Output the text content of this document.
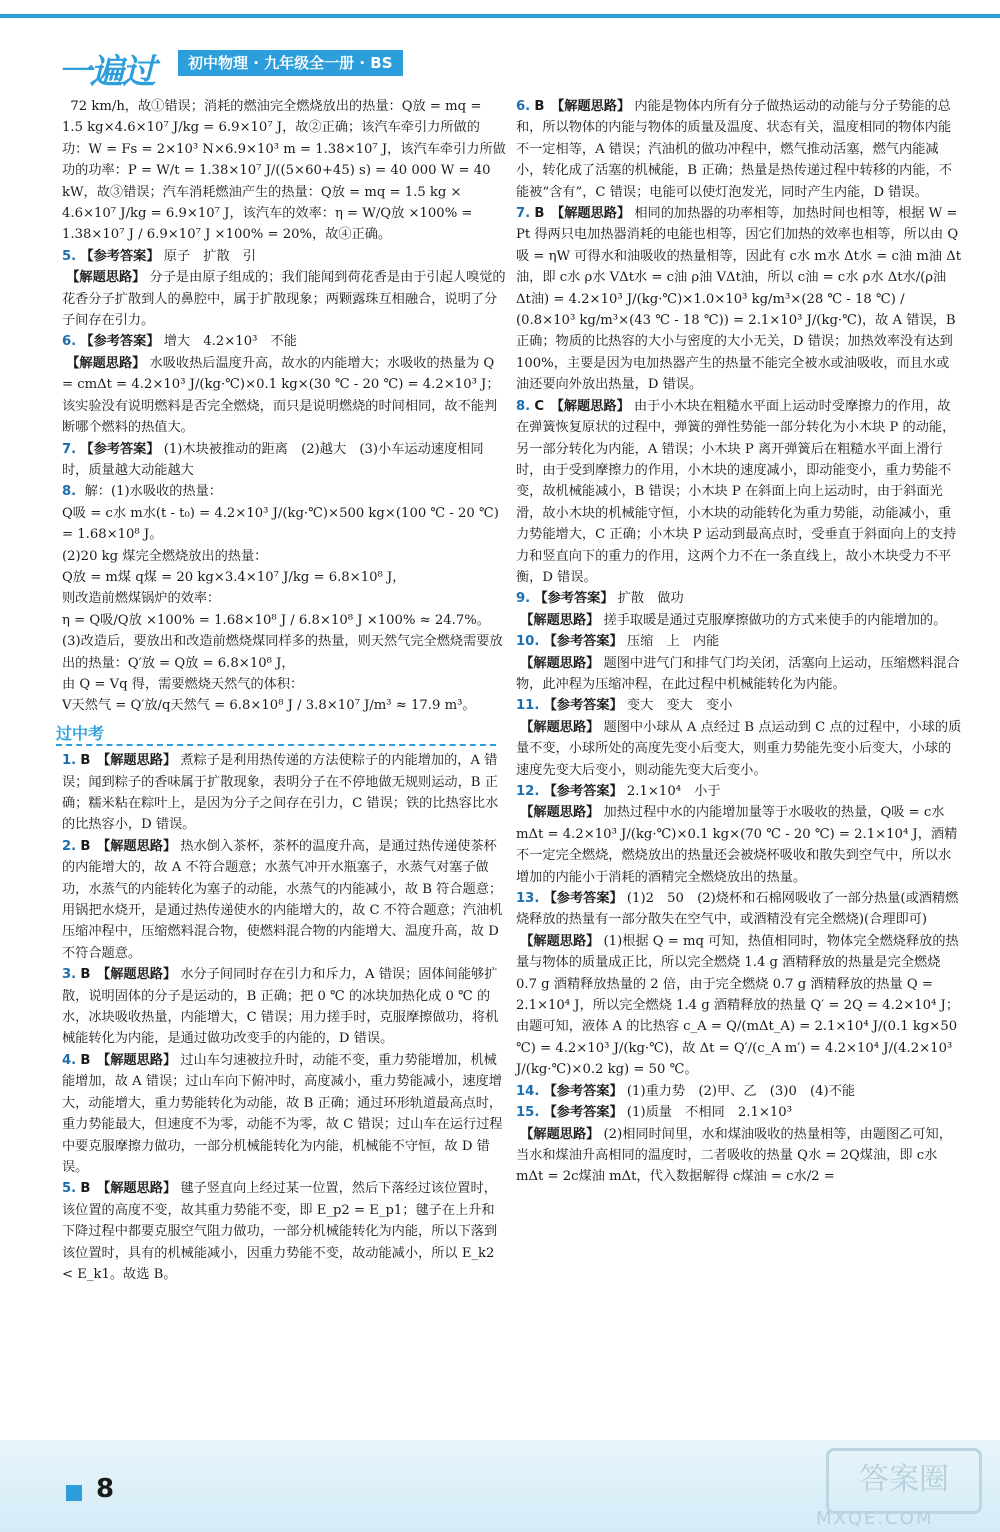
一遍过	初中物理 · 九年级全一册 · BS

72 km/h，故①错误；消耗的燃油完全燃烧放出的热量：Q放 = mq = 1.5 kg×4.6×10⁷ J/kg = 6.9×10⁷ J，故②正确；该汽车牵引力所做的功：W = Fs = 2×10³ N×6.9×10³ m = 1.38×10⁷ J，该汽车牵引力所做功的功率：P = W/t = 1.38×10⁷ J/((5×60+45) s) = 40 000 W = 40 kW，故③错误；汽车消耗燃油产生的热量：Q放 = mq = 1.5 kg × 4.6×10⁷ J/kg = 6.9×10⁷ J，该汽车的效率：η = W/Q放 ×100% = 1.38×10⁷ J / 6.9×10⁷ J ×100% = 20%，故④正确。

5. 【参考答案】 原子　扩散　引

【解题思路】 分子是由原子组成的；我们能闻到荷花香是由于引起人嗅觉的花香分子扩散到人的鼻腔中，属于扩散现象；两颗露珠互相融合，说明了分子间存在引力。

6. 【参考答案】 增大　4.2×10³　不能

【解题思路】 水吸收热后温度升高，故水的内能增大；水吸收的热量为 Q = cmΔt = 4.2×10³ J/(kg·℃)×0.1 kg×(30 ℃ - 20 ℃) = 4.2×10³ J；该实验没有说明燃料是否完全燃烧，而只是说明燃烧的时间相同，故不能判断哪个燃料的热值大。

7. 【参考答案】 (1)木块被推动的距离　(2)越大　(3)小车运动速度相同时，质量越大动能越大

8. 解：(1)水吸收的热量：
Q吸 = c水 m水(t - t₀) = 4.2×10³ J/(kg·℃)×500 kg×(100 ℃ - 20 ℃) = 1.68×10⁸ J。
(2)20 kg 煤完全燃烧放出的热量：
Q放 = m煤 q煤 = 20 kg×3.4×10⁷ J/kg = 6.8×10⁸ J，
则改造前燃煤锅炉的效率：
η = Q吸/Q放 ×100% = 1.68×10⁸ J / 6.8×10⁸ J ×100% ≈ 24.7%。
(3)改造后，要放出和改造前燃烧煤同样多的热量，则天然气完全燃烧需要放出的热量：Q′放 = Q放 = 6.8×10⁸ J，
由 Q = Vq 得，需要燃烧天然气的体积：
V天然气 = Q′放/q天然气 = 6.8×10⁸ J / 3.8×10⁷ J/m³ ≈ 17.9 m³。

过中考

1. B　【解题思路】 煮粽子是利用热传递的方法使粽子的内能增加的，A 错误；闻到粽子的香味属于扩散现象，表明分子在不停地做无规则运动，B 正确；糯米粘在粽叶上，是因为分子之间存在引力，C 错误；铁的比热容比水的比热容小，D 错误。

2. B　【解题思路】 热水倒入茶杯，茶杯的温度升高，是通过热传递使茶杯的内能增大的，故 A 不符合题意；水蒸气冲开水瓶塞子，水蒸气对塞子做功，水蒸气的内能转化为塞子的动能，水蒸气的内能减小，故 B 符合题意；用锅把水烧开，是通过热传递使水的内能增大的，故 C 不符合题意；汽油机压缩冲程中，压缩燃料混合物，使燃料混合物的内能增大、温度升高，故 D 不符合题意。

3. B　【解题思路】 水分子间同时存在引力和斥力，A 错误；固体间能够扩散，说明固体的分子是运动的，B 正确；把 0 ℃ 的冰块加热化成 0 ℃ 的水，冰块吸收热量，内能增大，C 错误；用力搓手时，克服摩擦做功，将机械能转化为内能，是通过做功改变手的内能的，D 错误。

4. B　【解题思路】 过山车匀速被拉升时，动能不变，重力势能增加，机械能增加，故 A 错误；过山车向下俯冲时，高度减小，重力势能减小，速度增大，动能增大，重力势能转化为动能，故 B 正确；通过环形轨道最高点时，重力势能最大，但速度不为零，动能不为零，故 C 错误；过山车在运行过程中要克服摩擦力做功，一部分机械能转化为内能，机械能不守恒，故 D 错误。

5. B　【解题思路】 毽子竖直向上经过某一位置，然后下落经过该位置时，该位置的高度不变，故其重力势能不变，即 E_p2 = E_p1；毽子在上升和下降过程中都要克服空气阻力做功，一部分机械能转化为内能，所以下落到该位置时，具有的机械能减小，因重力势能不变，故动能减小，所以 E_k2 < E_k1。故选 B。

6. B　【解题思路】 内能是物体内所有分子做热运动的动能与分子势能的总和，所以物体的内能与物体的质量及温度、状态有关，温度相同的物体内能不一定相等，A 错误；汽油机的做功冲程中，燃气推动活塞，燃气内能减小，转化成了活塞的机械能，B 正确；热量是热传递过程中转移的内能，不能被“含有”，C 错误；电能可以使灯泡发光，同时产生内能，D 错误。

7. B　【解题思路】 相同的加热器的功率相等，加热时间也相等，根据 W = Pt 得两只电加热器消耗的电能也相等，因它们加热的效率也相等，所以由 Q吸 = ηW 可得水和油吸收的热量相等，因此有 c水 m水 Δt水 = c油 m油 Δt油，即 c水 ρ水 VΔt水 = c油 ρ油 VΔt油，所以 c油 = c水 ρ水 Δt水/(ρ油 Δt油) = 4.2×10³ J/(kg·℃)×1.0×10³ kg/m³×(28 ℃ - 18 ℃) / (0.8×10³ kg/m³×(43 ℃ - 18 ℃)) = 2.1×10³ J/(kg·℃)，故 A 错误，B 正确；物质的比热容的大小与密度的大小无关，D 错误；加热效率没有达到 100%，主要是因为电加热器产生的热量不能完全被水或油吸收，而且水或油还要向外放出热量，D 错误。

8. C　【解题思路】 由于小木块在粗糙水平面上运动时受摩擦力的作用，故在弹簧恢复原状的过程中，弹簧的弹性势能一部分转化为小木块 P 的动能，另一部分转化为内能，A 错误；小木块 P 离开弹簧后在粗糙水平面上滑行时，由于受到摩擦力的作用，小木块的速度减小，即动能变小，重力势能不变，故机械能减小，B 错误；小木块 P 在斜面上向上运动时，由于斜面光滑，故小木块的机械能守恒，小木块的动能转化为重力势能，动能减小，重力势能增大，C 正确；小木块 P 运动到最高点时，受垂直于斜面向上的支持力和竖直向下的重力的作用，这两个力不在一条直线上，故小木块受力不平衡，D 错误。

9. 【参考答案】 扩散　做功

【解题思路】 搓手取暖是通过克服摩擦做功的方式来使手的内能增加的。

10. 【参考答案】 压缩　上　内能

【解题思路】 题图中进气门和排气门均关闭，活塞向上运动，压缩燃料混合物，此冲程为压缩冲程，在此过程中机械能转化为内能。

11. 【参考答案】 变大　变大　变小

【解题思路】 题图中小球从 A 点经过 B 点运动到 C 点的过程中，小球的质量不变，小球所处的高度先变小后变大，则重力势能先变小后变大，小球的速度先变大后变小，则动能先变大后变小。

12. 【参考答案】 2.1×10⁴　小于

【解题思路】 加热过程中水的内能增加量等于水吸收的热量，Q吸 = c水 mΔt = 4.2×10³ J/(kg·℃)×0.1 kg×(70 ℃ - 20 ℃) = 2.1×10⁴ J，酒精不一定完全燃烧，燃烧放出的热量还会被烧杯吸收和散失到空气中，所以水增加的内能小于消耗的酒精完全燃烧放出的热量。

13. 【参考答案】 (1)2　50　(2)烧杯和石棉网吸收了一部分热量(或酒精燃烧释放的热量有一部分散失在空气中，或酒精没有完全燃烧)(合理即可)

【解题思路】 (1)根据 Q = mq 可知，热值相同时，物体完全燃烧释放的热量与物体的质量成正比，所以完全燃烧 1.4 g 酒精释放的热量是完全燃烧 0.7 g 酒精释放热量的 2 倍，由于完全燃烧 0.7 g 酒精释放的热量 Q = 2.1×10⁴ J，所以完全燃烧 1.4 g 酒精释放的热量 Q′ = 2Q = 4.2×10⁴ J；由题可知，液体 A 的比热容 c_A = Q/(mΔt_A) = 2.1×10⁴ J/(0.1 kg×50 ℃) = 4.2×10³ J/(kg·℃)，故 Δt = Q′/(c_A m′) = 4.2×10⁴ J/(4.2×10³ J/(kg·℃)×0.2 kg) = 50 ℃。

14. 【参考答案】 (1)重力势　(2)甲、乙　(3)0　(4)不能

15. 【参考答案】 (1)质量　不相同　2.1×10³

【解题思路】 (2)相同时间里，水和煤油吸收的热量相等，由题图乙可知，当水和煤油升高相同的温度时，二者吸收的热量 Q水 = 2Q煤油，即 c水 mΔt = 2c煤油 mΔt，代入数据解得 c煤油 = c水/2 =

8	答案圈
MXQE.COM
